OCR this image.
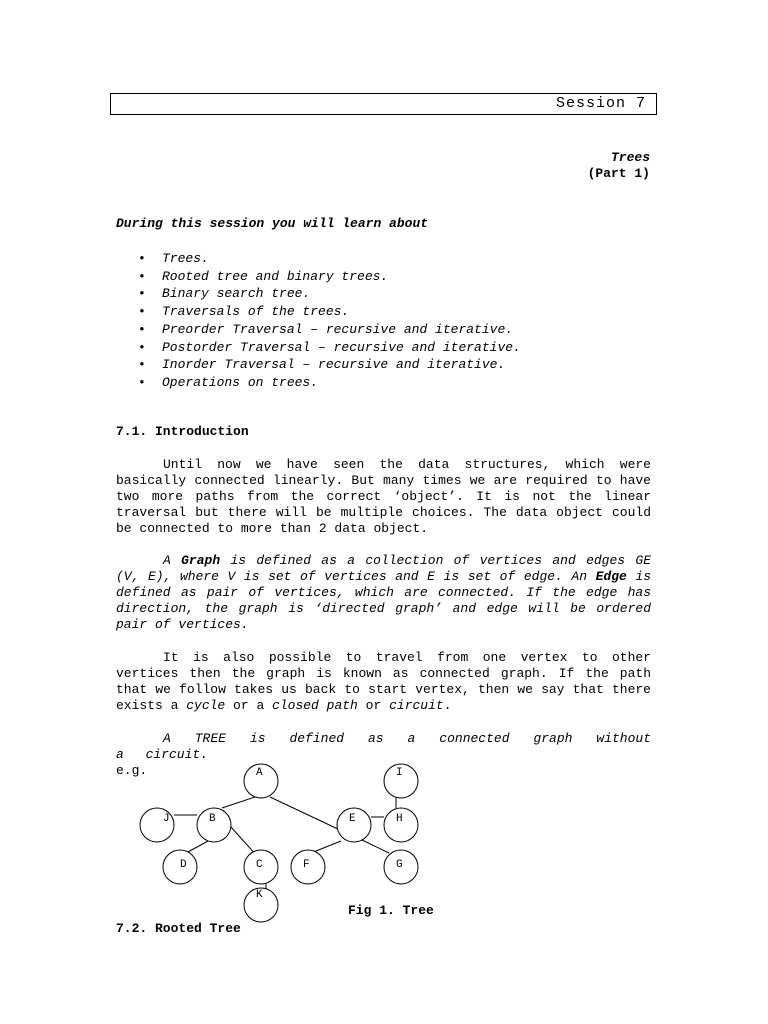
Session 7
Trees
(Part 1)
During this session you will learn about
• Trees.
• Rooted tree and binary trees.
• Binary search tree.
• Traversals of the trees.
• Preorder Traversal – recursive and iterative.
• Postorder Traversal – recursive and iterative.
• Inorder Traversal – recursive and iterative.
• Operations on trees.
7.1. Introduction

Until now we have seen the data structures, which were basically connected linearly. But many times we are required to have two more paths from the correct ‘object’. It is not the linear traversal but there will be multiple choices. The data object could be connected to more than 2 data object.

A Graph is defined as a collection of vertices and edges GE (V, E), where V is set of vertices and E is set of edge. An Edge is defined as pair of vertices, which are connected. If the edge has direction, the graph is ‘directed graph’ and edge will be ordered pair of vertices.

It is also possible to travel from one vertex to other vertices then the graph is known as connected graph. If the path that we follow takes us back to start vertex, then we say that there exists a cycle or a closed path or circuit.

A TREE is defined as a connected graph without a circuit.

e.g.	A	I
J	B	E	H
D	C	F	G
K
Fig 1. Tree
7.2. Rooted Tree
